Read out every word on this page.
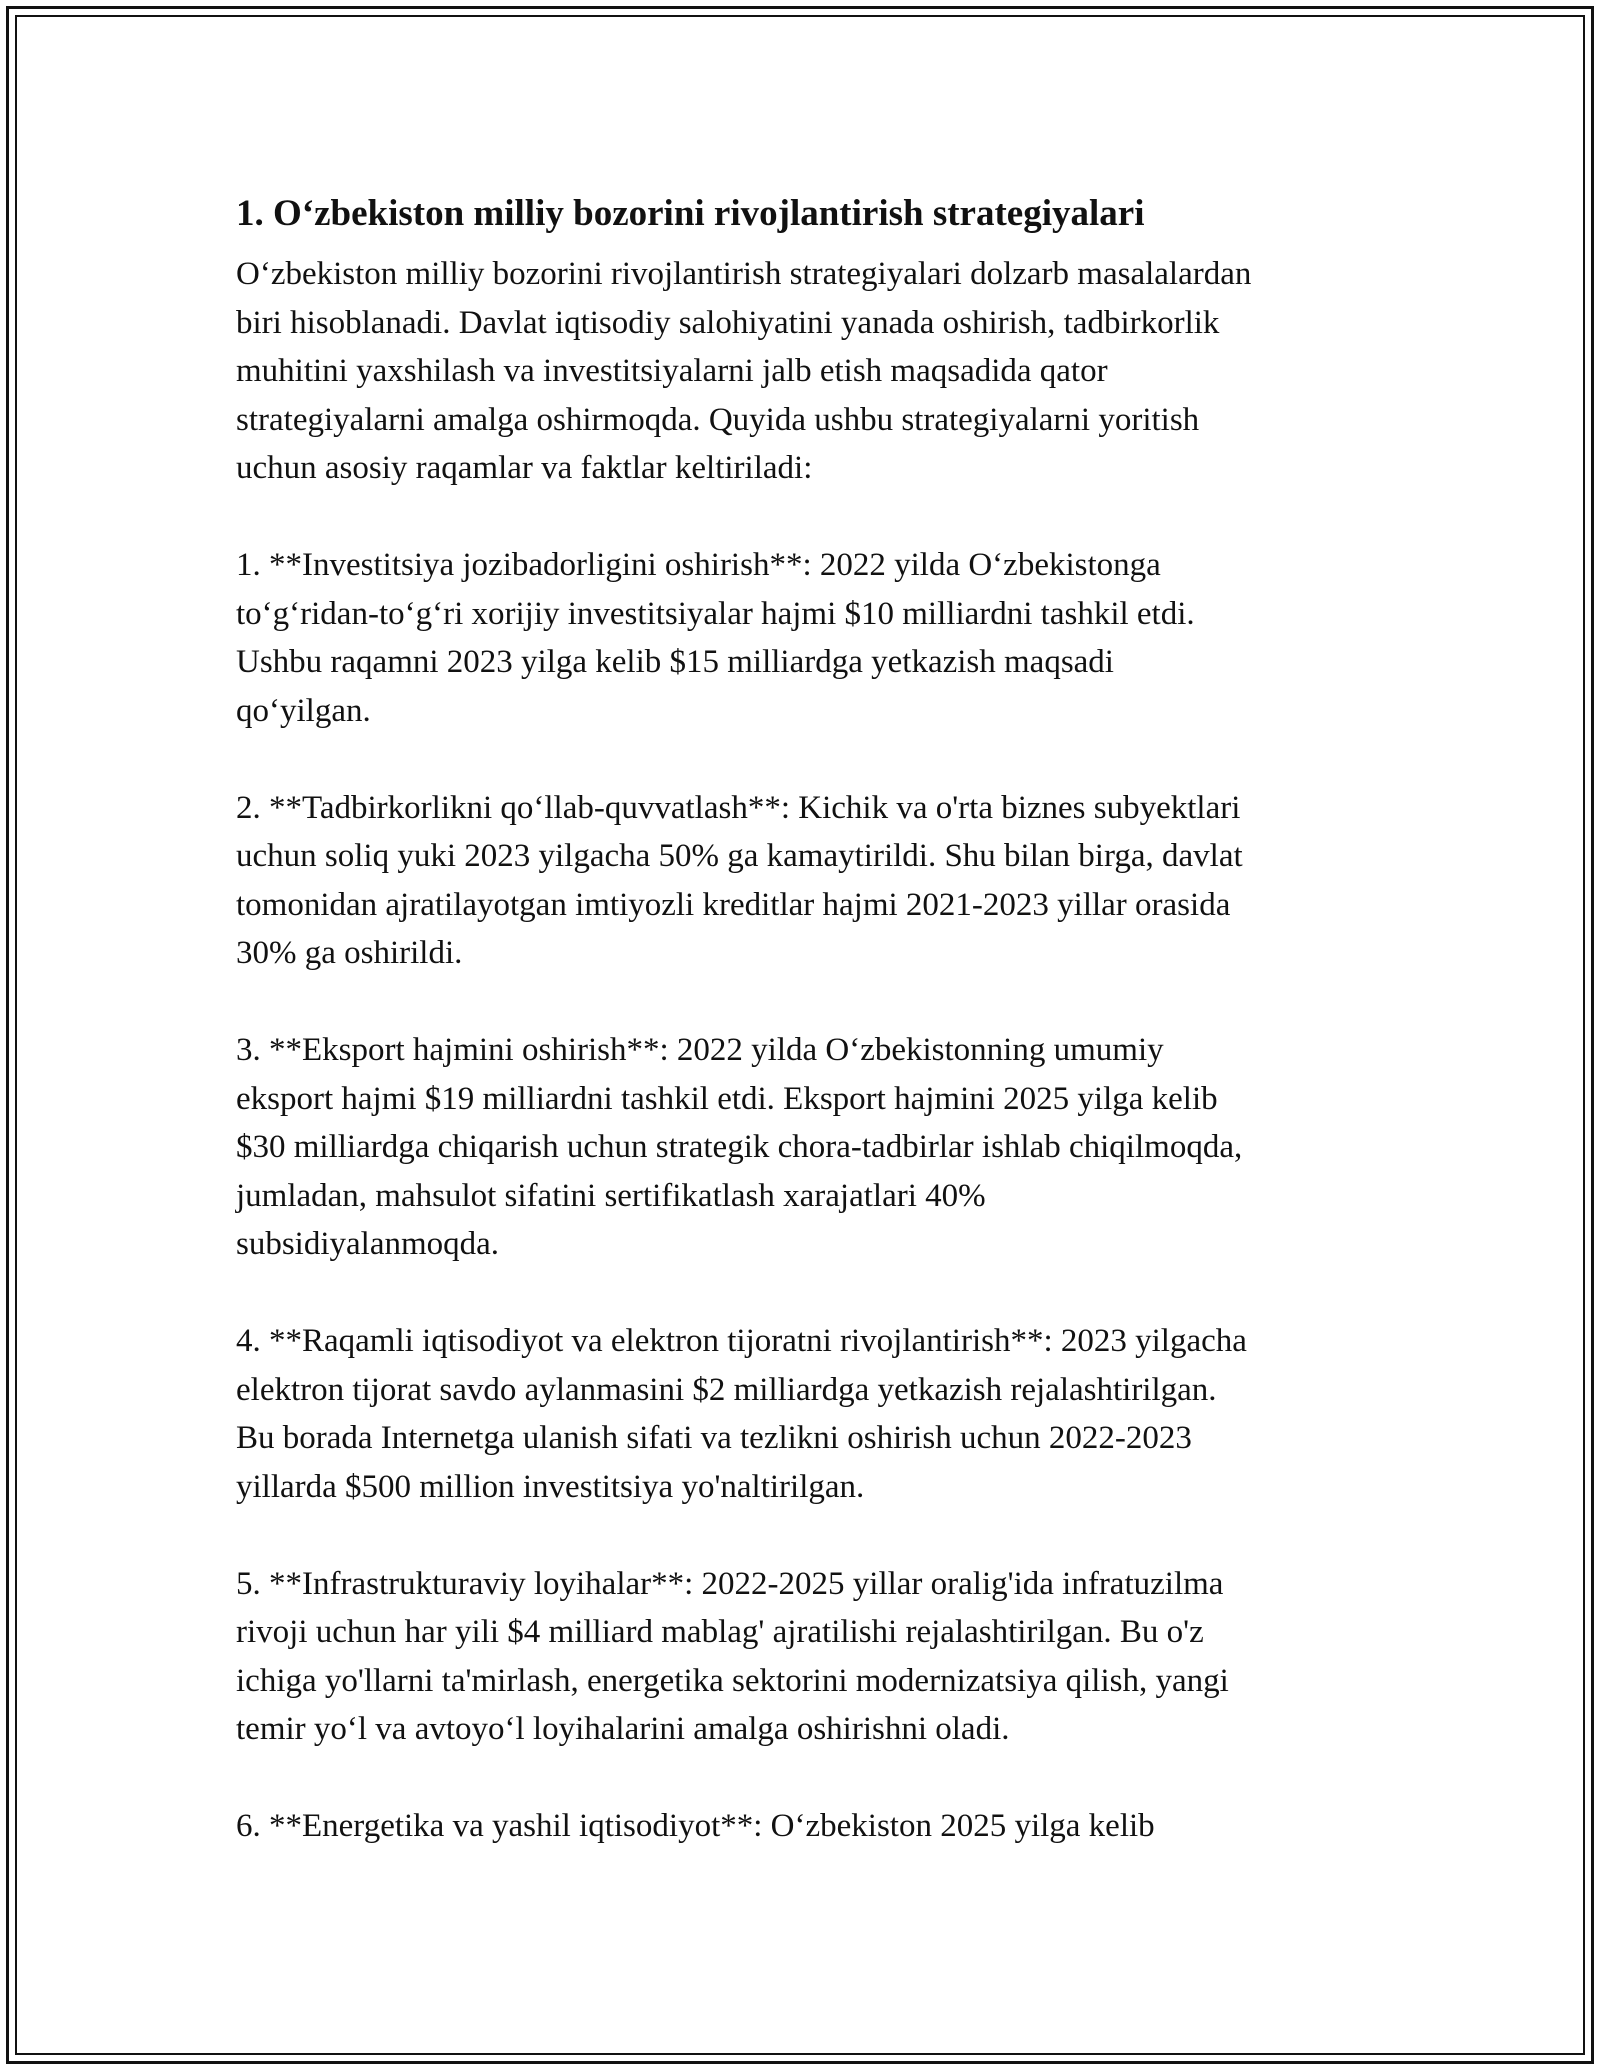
1. O‘zbekiston milliy bozorini rivojlantirish strategiyalari

O‘zbekiston milliy bozorini rivojlantirish strategiyalari dolzarb masalalardan
biri hisoblanadi. Davlat iqtisodiy salohiyatini yanada oshirish, tadbirkorlik
muhitini yaxshilash va investitsiyalarni jalb etish maqsadida qator
strategiyalarni amalga oshirmoqda. Quyida ushbu strategiyalarni yoritish
uchun asosiy raqamlar va faktlar keltiriladi:

1. **Investitsiya jozibadorligini oshirish**: 2022 yilda O‘zbekistonga
to‘g‘ridan-to‘g‘ri xorijiy investitsiyalar hajmi $10 milliardni tashkil etdi.
Ushbu raqamni 2023 yilga kelib $15 milliardga yetkazish maqsadi
qo‘yilgan.

2. **Tadbirkorlikni qo‘llab-quvvatlash**: Kichik va o'rta biznes subyektlari
uchun soliq yuki 2023 yilgacha 50% ga kamaytirildi. Shu bilan birga, davlat
tomonidan ajratilayotgan imtiyozli kreditlar hajmi 2021-2023 yillar orasida
30% ga oshirildi.

3. **Eksport hajmini oshirish**: 2022 yilda O‘zbekistonning umumiy
eksport hajmi $19 milliardni tashkil etdi. Eksport hajmini 2025 yilga kelib
$30 milliardga chiqarish uchun strategik chora-tadbirlar ishlab chiqilmoqda,
jumladan, mahsulot sifatini sertifikatlash xarajatlari 40%
subsidiyalanmoqda.

4. **Raqamli iqtisodiyot va elektron tijoratni rivojlantirish**: 2023 yilgacha
elektron tijorat savdo aylanmasini $2 milliardga yetkazish rejalashtirilgan.
Bu borada Internetga ulanish sifati va tezlikni oshirish uchun 2022-2023
yillarda $500 million investitsiya yo'naltirilgan.

5. **Infrastrukturaviy loyihalar**: 2022-2025 yillar oralig'ida infratuzilma
rivoji uchun har yili $4 milliard mablag' ajratilishi rejalashtirilgan. Bu o'z
ichiga yo'llarni ta'mirlash, energetika sektorini modernizatsiya qilish, yangi
temir yo‘l va avtoyo‘l loyihalarini amalga oshirishni oladi.

6. **Energetika va yashil iqtisodiyot**: O‘zbekiston 2025 yilga kelib
